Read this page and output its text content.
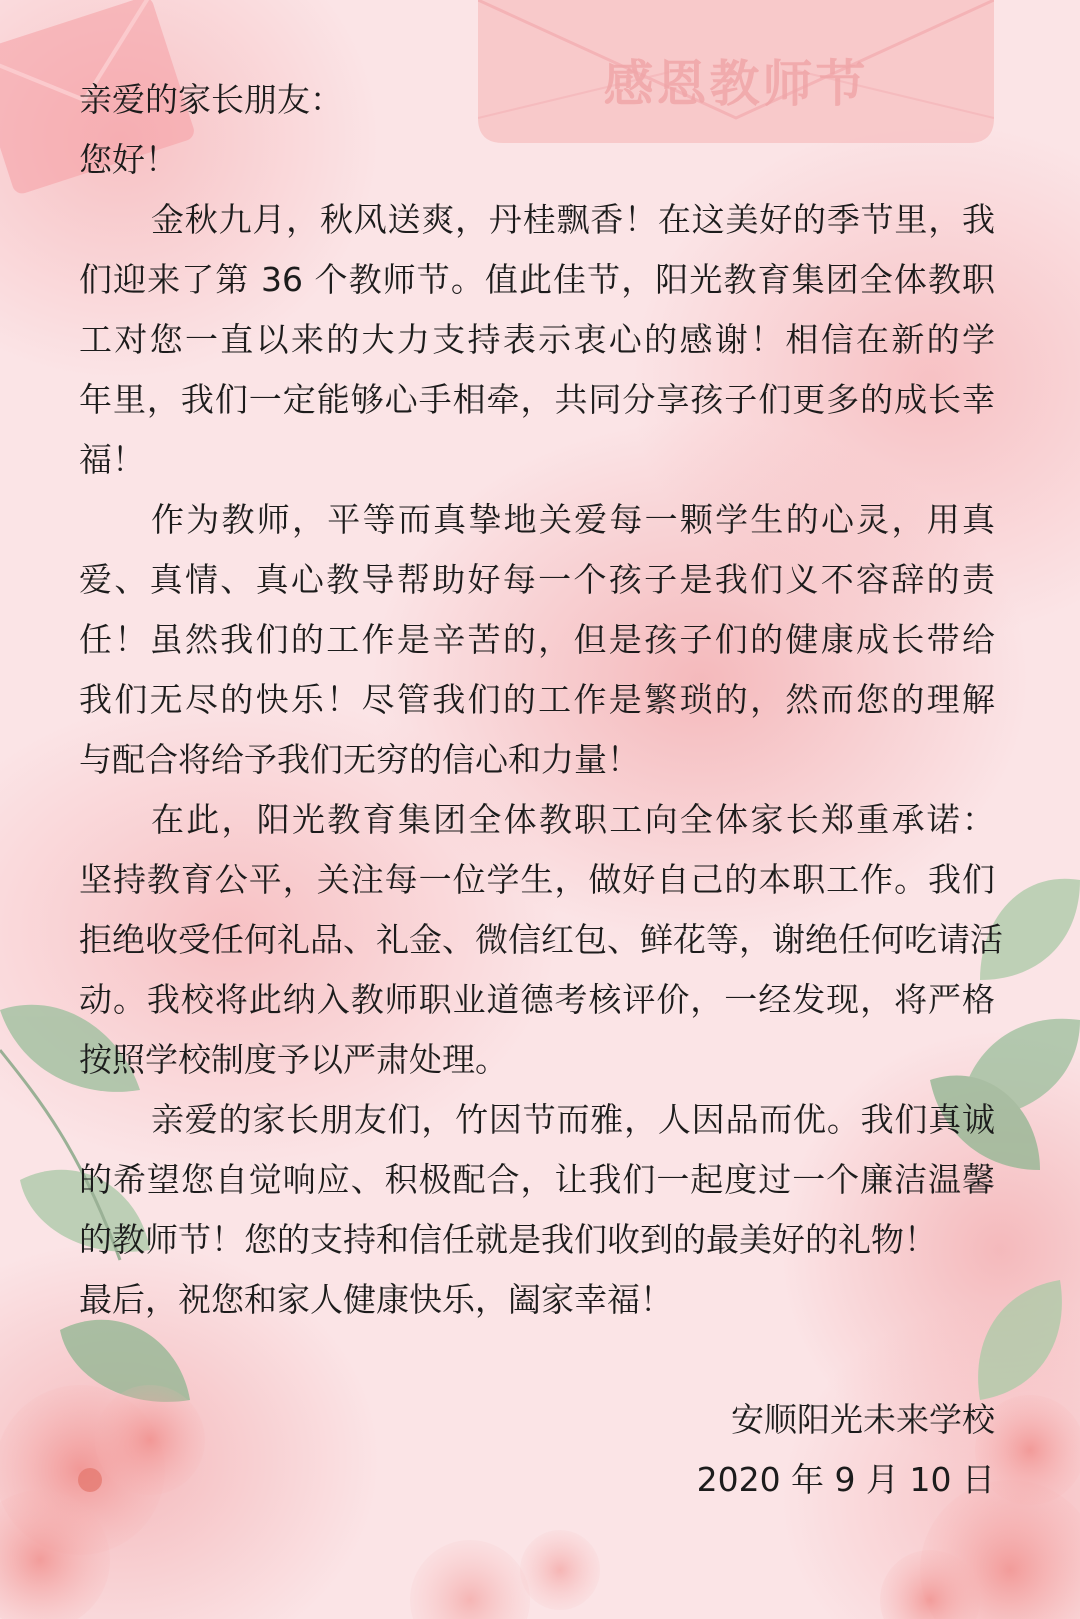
感恩教师节
亲爱的家长朋友：
您好！
金秋九月，秋风送爽，丹桂飘香！在这美好的季节里，我
们迎来了第 36 个教师节。值此佳节，阳光教育集团全体教职
工对您一直以来的大力支持表示衷心的感谢！相信在新的学
年里，我们一定能够心手相牵，共同分享孩子们更多的成长幸
福！
作为教师，平等而真挚地关爱每一颗学生的心灵，用真
爱、真情、真心教导帮助好每一个孩子是我们义不容辞的责
任！虽然我们的工作是辛苦的，但是孩子们的健康成长带给
我们无尽的快乐！尽管我们的工作是繁琐的，然而您的理解
与配合将给予我们无穷的信心和力量！
在此，阳光教育集团全体教职工向全体家长郑重承诺：
坚持教育公平，关注每一位学生，做好自己的本职工作。我们
拒绝收受任何礼品、礼金、微信红包、鲜花等，谢绝任何吃请活
动。我校将此纳入教师职业道德考核评价，一经发现，将严格
按照学校制度予以严肃处理。
亲爱的家长朋友们，竹因节而雅，人因品而优。我们真诚
的希望您自觉响应、积极配合，让我们一起度过一个廉洁温馨
的教师节！您的支持和信任就是我们收到的最美好的礼物！
最后，祝您和家人健康快乐，阖家幸福！
安顺阳光未来学校
2020 年 9 月 10 日
